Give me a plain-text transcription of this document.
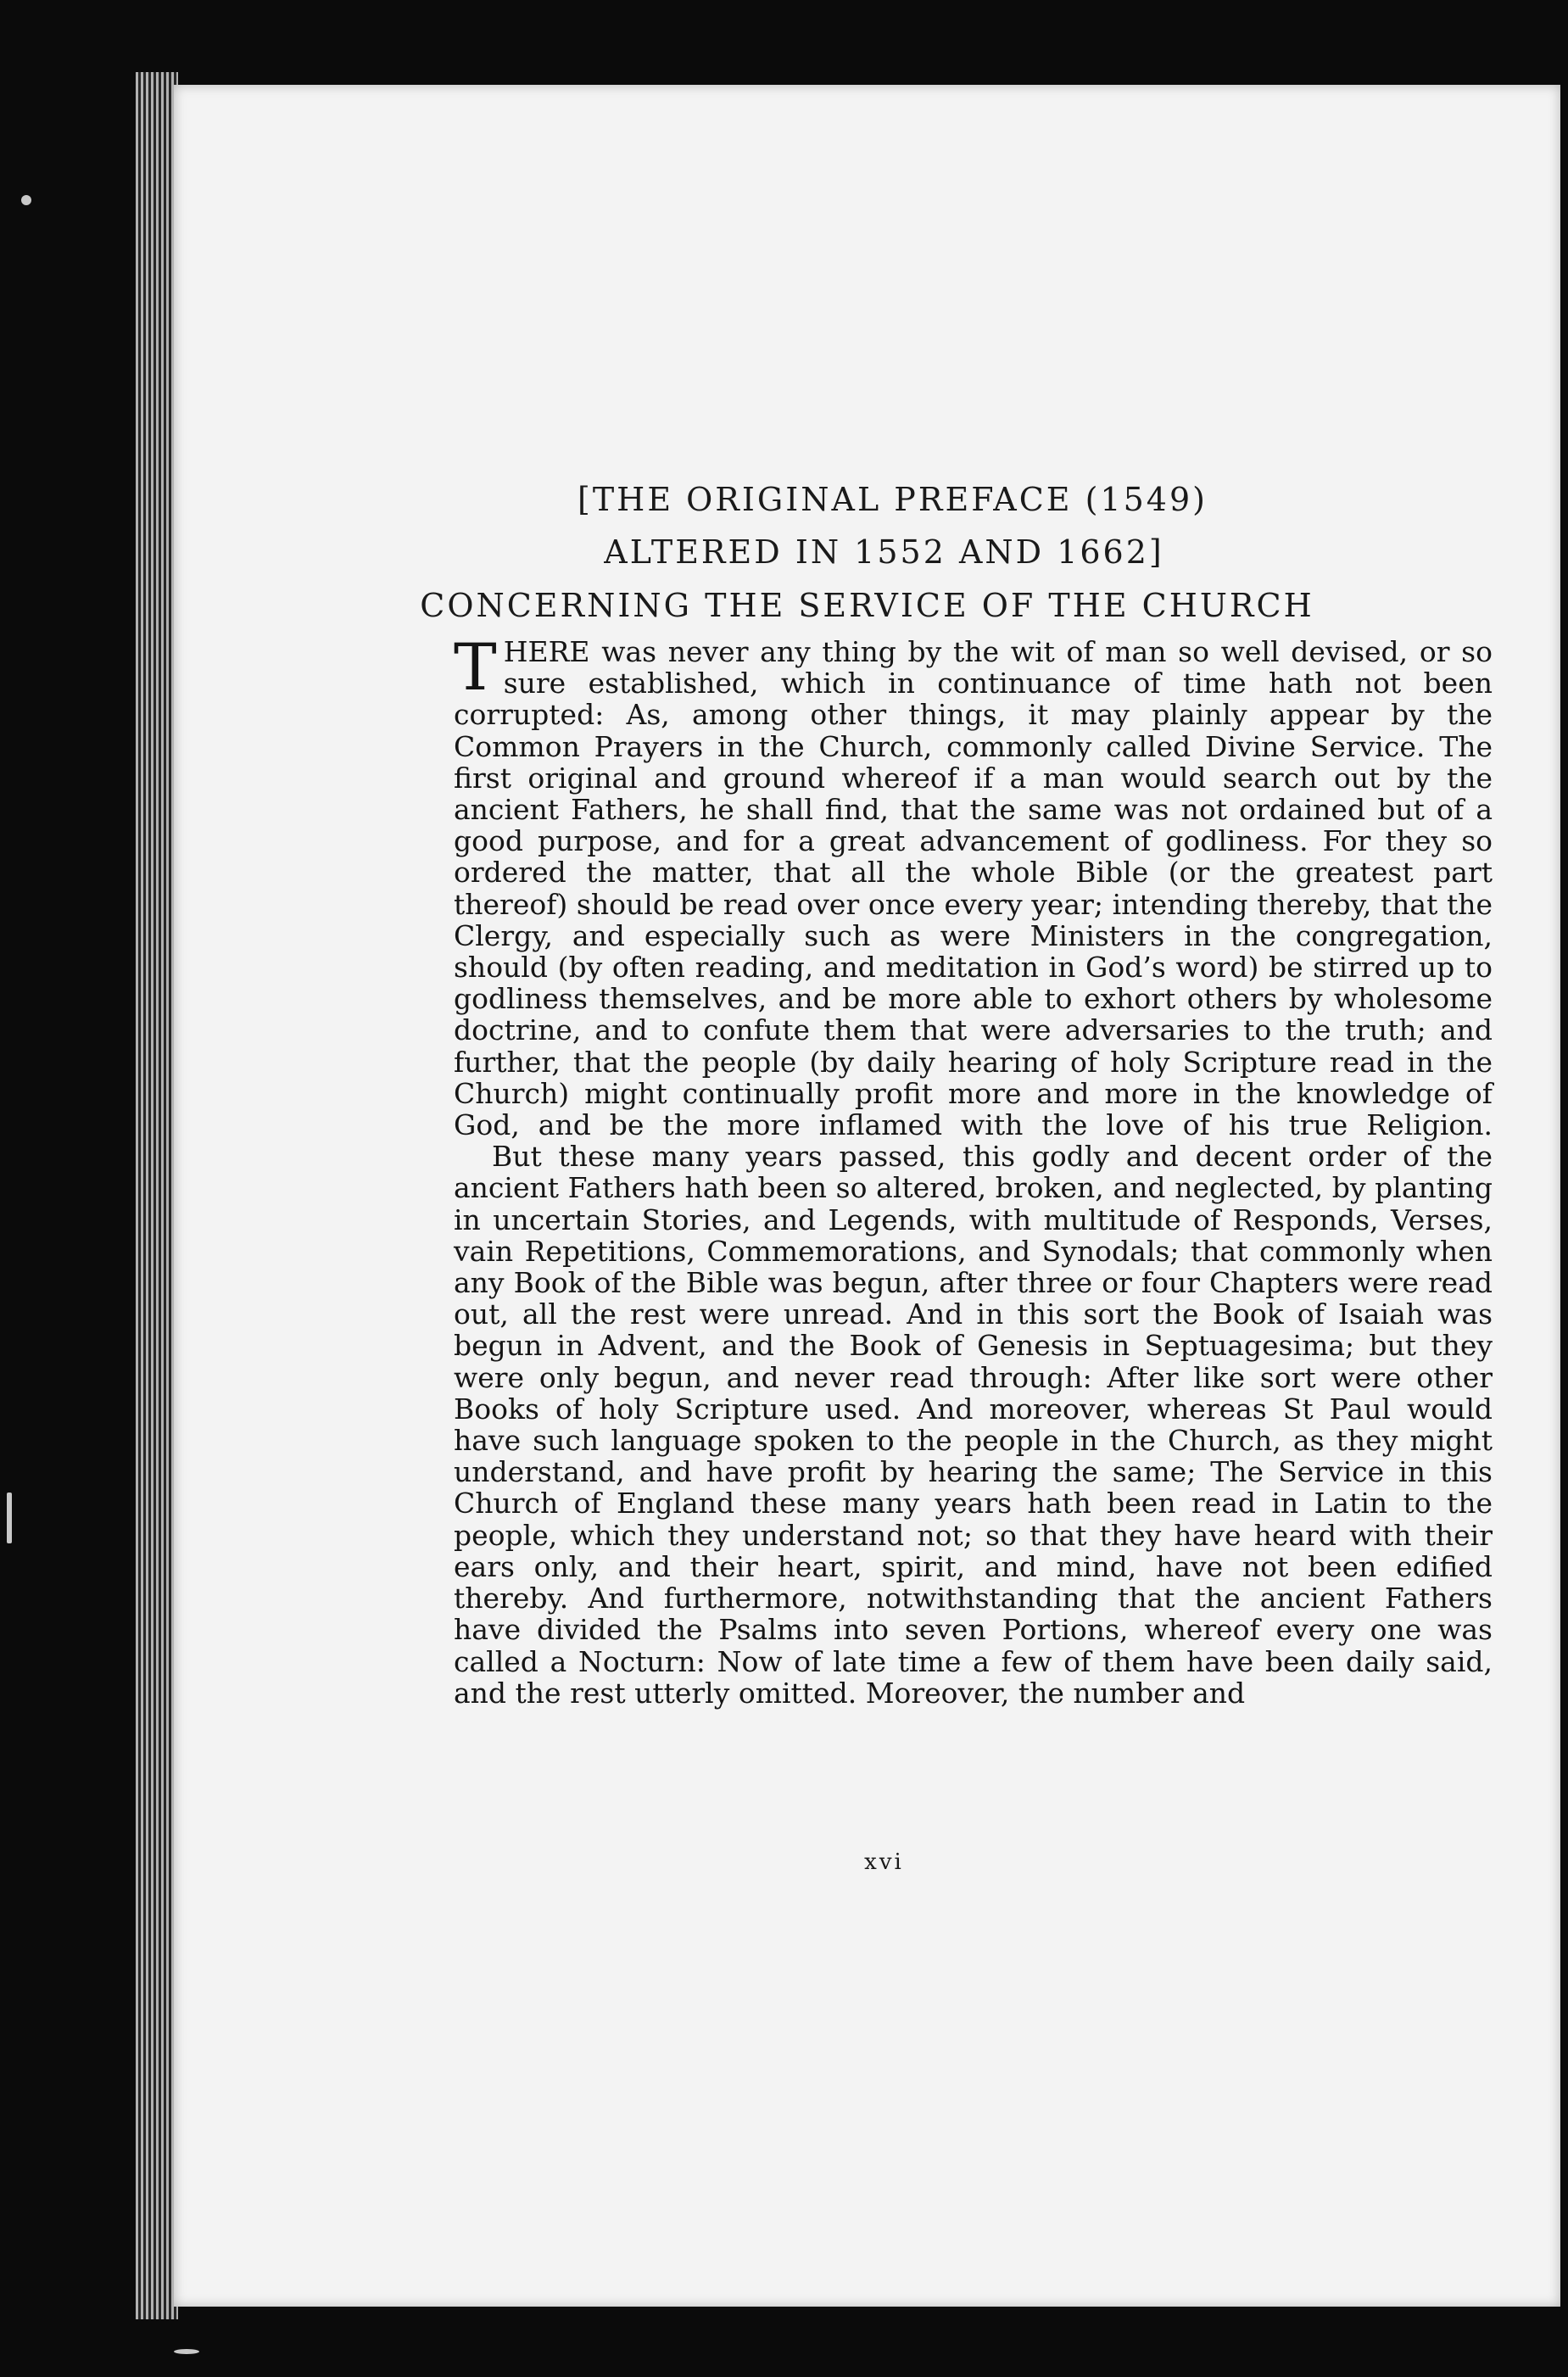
[THE ORIGINAL PREFACE (1549)
ALTERED IN 1552 AND 1662]
CONCERNING THE SERVICE OF THE CHURCH

T HERE was never any thing by the wit of man so well devised, or so sure established, which in continuance of time hath not been corrupted: As, among other things, it may plainly appear by the Common Prayers in the Church, commonly called Divine Service. The first original and ground whereof if a man would search out by the ancient Fathers, he shall find, that the same was not ordained but of a good purpose, and for a great advancement of godliness. For they so ordered the matter, that all the whole Bible (or the greatest part thereof) should be read over once every year; intending thereby, that the Clergy, and especially such as were Ministers in the congregation, should (by often reading, and meditation in God’s word) be stirred up to godliness themselves, and be more able to exhort others by wholesome doctrine, and to confute them that were adversaries to the truth; and further, that the people (by daily hearing of holy Scripture read in the Church) might continually profit more and more in the knowledge of God, and be the more inflamed with the love of his true Religion.

But these many years passed, this godly and decent order of the ancient Fathers hath been so altered, broken, and neglected, by planting in uncertain Stories, and Legends, with multitude of Responds, Verses, vain Repetitions, Commemorations, and Synodals; that commonly when any Book of the Bible was begun, after three or four Chapters were read out, all the rest were unread. And in this sort the Book of Isaiah was begun in Advent, and the Book of Genesis in Septuagesima; but they were only begun, and never read through: After like sort were other Books of holy Scripture used. And moreover, whereas St Paul would have such language spoken to the people in the Church, as they might understand, and have profit by hearing the same; The Service in this Church of England these many years hath been read in Latin to the people, which they understand not; so that they have heard with their ears only, and their heart, spirit, and mind, have not been edified thereby. And furthermore, notwithstanding that the ancient Fathers have divided the Psalms into seven Portions, whereof every one was called a Nocturn: Now of late time a few of them have been daily said, and the rest utterly omitted. Moreover, the number and

xvi
